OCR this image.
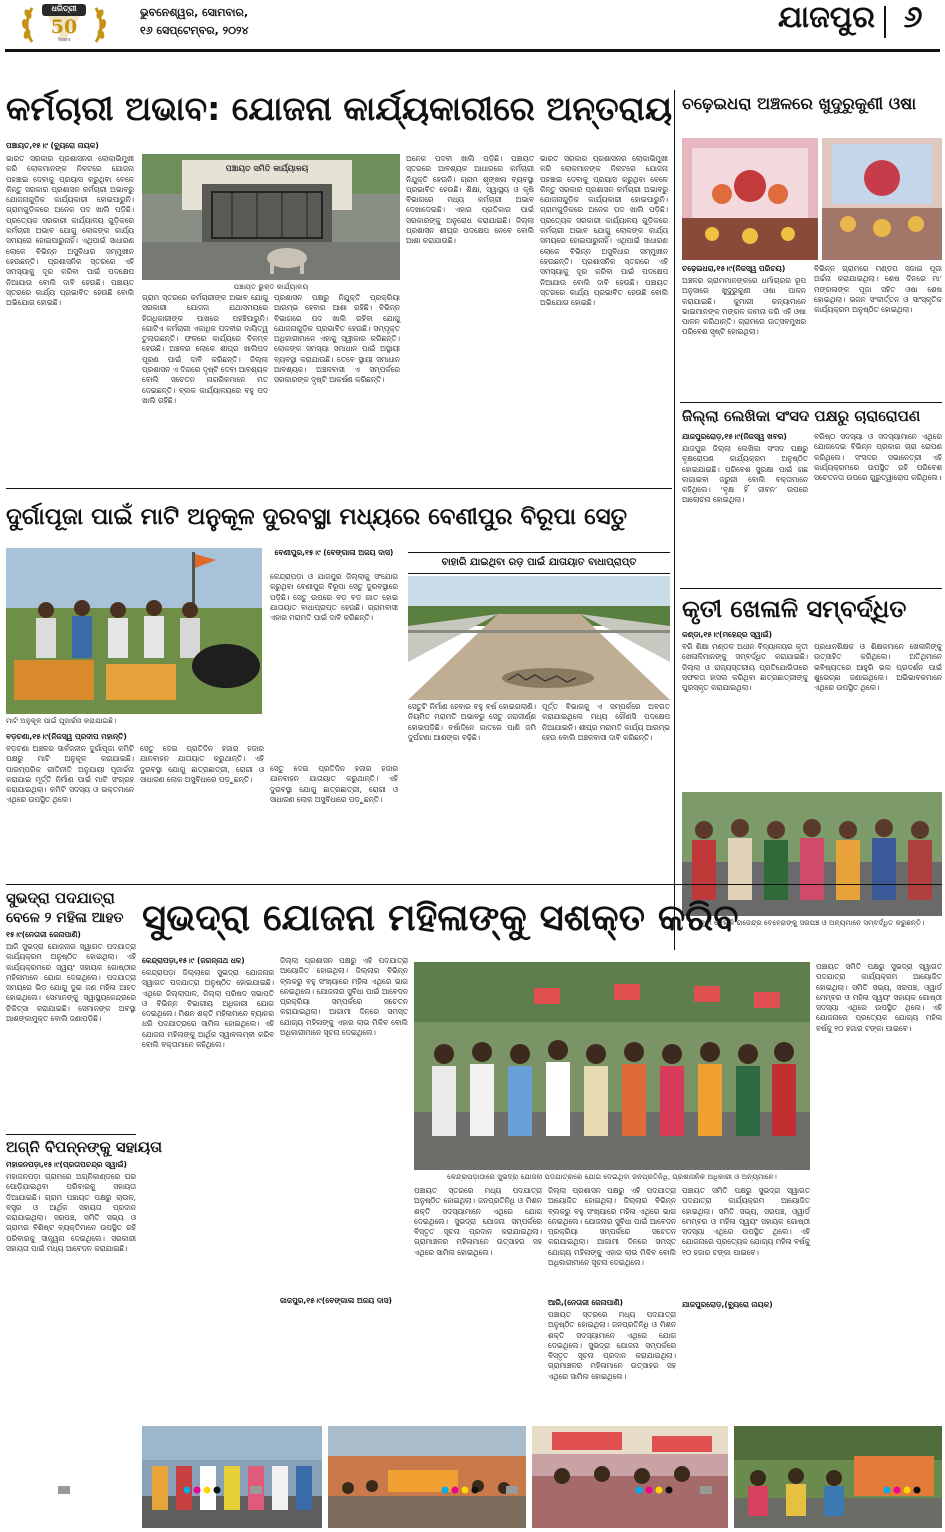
ଧରିତ୍ରୀ
50
Years
ଭୁବନେଶ୍ୱର, ସୋମବାର,
୧୬ ସେପ୍ଟେମ୍ବର, ୨୦୨୪	ଯାଜପୁର ୬
କର୍ମଚାରୀ ଅଭାବ: ଯୋଜନା କାର୍ଯ୍ୟକାରୀରେ ଅନ୍ତରାୟ
ପଞ୍ଚାୟତ,୧୫।୯ (ବ୍ୟୁରୋ ନାୟକ)
ଭାରତ ସରକାର ପ୍ରଶାସନର ଲୋକାଭିମୁଖୀ କରି ଲୋକମାନଙ୍କ ନିକଟରେ ଯୋଜନା ପହଞ୍ଚାଇ ଦେବାକୁ ପ୍ରୟାସ କରୁଥିବା ବେଳେ କିନ୍ତୁ ସରକାର ପ୍ରଶାସନ କର୍ମଚାରୀ ଅଭାବରୁ ଯୋଜନାଗୁଡ଼ିକ କାର୍ଯ୍ୟକାରୀ ହୋଇପାରୁନି। ଗ୍ରାମଗୁଡ଼ିକରେ ଅନେକ ପଦ ଖାଲି ପଡ଼ିଛି। ପ୍ରତ୍ୟେକ ସରକାରୀ କାର୍ଯ୍ୟାଳୟ ଗୁଡ଼ିକରେ କର୍ମଚାରୀ ଅଭାବ ଯୋଗୁ ଲୋକଙ୍କ କାର୍ଯ୍ୟ ସମୟରେ ହୋଇପାରୁନାହିଁ। ଏଥିପାଇଁ ସାଧାରଣ ଲୋକେ ବିଭିନ୍ନ ଅସୁବିଧାର ସମ୍ମୁଖୀନ ହେଉଛନ୍ତି। ପ୍ରଶାସନିକ ସ୍ତରରେ ଏହି ସମସ୍ୟାକୁ ଦୂର କରିବା ପାଇଁ ପଦକ୍ଷେପ ନିଆଯାଉ ବୋଲି ଦାବି ହେଉଛି। ପଞ୍ଚାୟତ ସ୍ତରରେ କାର୍ଯ୍ୟ ପ୍ରଭାବିତ ହେଉଛି ବୋଲି ଅଭିଯୋଗ ହୋଇଛି।
ପଞ୍ଚାୟତ ସମିତି କାର୍ଯ୍ୟାଳୟ
ପଞ୍ଚାୟତ ଭୁକ୍ତ କାର୍ଯ୍ୟାଳୟ
ଗ୍ରାମ ସ୍ତରରେ କର୍ମଚାରୀଙ୍କ ଅଭାବ ଯୋଗୁ ସରକାରୀ ଯୋଜନା ଯଥାସମୟରେ ହିତାଧିକାରୀଙ୍କ ପାଖରେ ପହଞ୍ଚିପାରୁନି। ଗୋଟିଏ କର୍ମଚାରୀ ଏକାଧିକ ପଦବୀର ଦାୟିତ୍ୱ ତୁଲାଉଛନ୍ତି। ଫଳରେ କାର୍ଯ୍ୟରେ ବିଳମ୍ବ ହେଉଛି। ଅଞ୍ଚଳର ଲୋକେ ଶୀଘ୍ର ଖାଲିପଦ ପୂରଣ ପାଇଁ ଦାବି କରିଛନ୍ତି। ଜିଲ୍ଲା ପ୍ରଶାସନ ଏ ଦିଗରେ ଦୃଷ୍ଟି ଦେବା ଆବଶ୍ୟକ ବୋଲି ସଚେତନ ନାଗରିକମାନେ ମତ ଦେଇଛନ୍ତି। ବ୍ଲକ କାର୍ଯ୍ୟାଳୟରେ ବହୁ ପଦ ଖାଲି ରହିଛି।
ପ୍ରଶାସନ ପକ୍ଷରୁ ନିଯୁକ୍ତି ପ୍ରକ୍ରିୟା ଆରମ୍ଭ ହେବାର ଆଶା ରହିଛି। ବିଭିନ୍ନ ବିଭାଗରେ ପଦ ଖାଲି ରହିବା ଯୋଗୁ ଯୋଜନାଗୁଡ଼ିକ ପ୍ରଭାବିତ ହେଉଛି। ସମ୍ପୃକ୍ତ ଅଧିକାରୀମାନେ ଏହାକୁ ସ୍ୱୀକାର କରିଛନ୍ତି। ଲୋକଙ୍କ ସମସ୍ୟା ସମାଧାନ ପାଇଁ ଅସ୍ଥାୟୀ ବ୍ୟବସ୍ଥା କରାଯାଉଛି। ତେବେ ସ୍ଥାୟୀ ସମାଧାନ ଆବଶ୍ୟକ। ଅଞ୍ଚଳବାସୀ ଏ ସମ୍ପର୍କରେ ସରକାରଙ୍କ ଦୃଷ୍ଟି ଆକର୍ଷଣ କରିଛନ୍ତି।
ଅନେକ ପଦବୀ ଖାଲି ପଡ଼ିଛି। ପଞ୍ଚାୟତ ସ୍ତରରେ ଆବଶ୍ୟକ ଆଧାରରେ କର୍ମଚାରୀ ନିଯୁକ୍ତି ହେଉନି। ଗ୍ରାମ ଶୃଙ୍ଖଳା ବ୍ୟବସ୍ଥା ପ୍ରଭାବିତ ହେଉଛି। ଶିକ୍ଷା, ସ୍ୱାସ୍ଥ୍ୟ ଓ କୃଷି ବିଭାଗରେ ମଧ୍ୟ କର୍ମଚାରୀ ଅଭାବ ଦେଖାଦେଇଛି। ଏହାର ପ୍ରତିକାର ପାଇଁ ସରକାରଙ୍କୁ ଅନୁରୋଧ କରାଯାଇଛି। ଜିଲ୍ଲା ପ୍ରଶାସନ ଶୀଘ୍ର ପଦକ୍ଷେପ ନେବେ ବୋଲି ଆଶା କରାଯାଉଛି।
ଭାରତ ସରକାର ପ୍ରଶାସନର ଲୋକାଭିମୁଖୀ କରି ଲୋକମାନଙ୍କ ନିକଟରେ ଯୋଜନା ପହଞ୍ଚାଇ ଦେବାକୁ ପ୍ରୟାସ କରୁଥିବା ବେଳେ କିନ୍ତୁ ସରକାର ପ୍ରଶାସନ କର୍ମଚାରୀ ଅଭାବରୁ ଯୋଜନାଗୁଡ଼ିକ କାର୍ଯ୍ୟକାରୀ ହୋଇପାରୁନି। ଗ୍ରାମଗୁଡ଼ିକରେ ଅନେକ ପଦ ଖାଲି ପଡ଼ିଛି। ପ୍ରତ୍ୟେକ ସରକାରୀ କାର୍ଯ୍ୟାଳୟ ଗୁଡ଼ିକରେ କର୍ମଚାରୀ ଅଭାବ ଯୋଗୁ ଲୋକଙ୍କ କାର୍ଯ୍ୟ ସମୟରେ ହୋଇପାରୁନାହିଁ। ଏଥିପାଇଁ ସାଧାରଣ ଲୋକେ ବିଭିନ୍ନ ଅସୁବିଧାର ସମ୍ମୁଖୀନ ହେଉଛନ୍ତି। ପ୍ରଶାସନିକ ସ୍ତରରେ ଏହି ସମସ୍ୟାକୁ ଦୂର କରିବା ପାଇଁ ପଦକ୍ଷେପ ନିଆଯାଉ ବୋଲି ଦାବି ହେଉଛି। ପଞ୍ଚାୟତ ସ୍ତରରେ କାର୍ଯ୍ୟ ପ୍ରଭାବିତ ହେଉଛି ବୋଲି ଅଭିଯୋଗ ହୋଇଛି।
ଚଢ଼େଇଧରା ଅଞ୍ଚଳରେ ଖୁଦୁରୁକୁଣୀ ଓଷା
ଚଢ଼େଇଧରା,୧୫।୯(ନିଜସ୍ୱ ପରିଚୟ)
ଅଞ୍ଚଳର ଗ୍ରାମମାନଙ୍କରେ ଧର୍ମାଚାରର ରୂପ ଅନୁସାରେ ଖୁଦୁରୁକୁଣୀ ଓଷା ପାଳନ କରାଯାଇଛି। କୁମାରୀ କନ୍ୟାମାନେ ଭାଇମାନଙ୍କ ମଙ୍ଗଳ କାମନା କରି ଏହି ଓଷା ପାଳନ କରିଥାନ୍ତି। ଗ୍ରାମରେ ଉତ୍ସବମୁଖର ପରିବେଶ ସୃଷ୍ଟି ହୋଇଥିଲା।
ବିଭିନ୍ନ ଗ୍ରାମରେ ମଣ୍ଡପ ସଜାଇ ପୂଜା ଅର୍ଚ୍ଚନା କରାଯାଇଥିଲା। ଶେଷ ଦିନରେ ମା’ ମଙ୍ଗଳାଙ୍କ ପୂଜା ସହିତ ଓଷା ଶେଷ ହୋଇଥିଲା। ଭଜନ ସଂକୀର୍ତ୍ତନ ଓ ସାଂସ୍କୃତିକ କାର୍ଯ୍ୟକ୍ରମ ଅନୁଷ୍ଠିତ ହୋଇଥିଲା।
ଜିଲ୍ଲା ଲେଖିକା ସଂସଦ ପକ୍ଷରୁ ଚାରାରୋପଣ
ଯାଜପୁରରୋଡ଼,୧୫।୯(ନିଜସ୍ୱ ଖବର)
ଯାଜପୁର ଜିଲ୍ଲା ଲେଖିକା ସଂସଦ ପକ୍ଷରୁ ବୃକ୍ଷରୋପଣ କାର୍ଯ୍ୟକ୍ରମ ଅନୁଷ୍ଠିତ ହୋଇଯାଇଛି। ପରିବେଶ ସୁରକ୍ଷା ପାଇଁ ଗଛ ଲଗାଇବା ଜରୁରୀ ବୋଲି ବକ୍ତାମାନେ କହିଥିଲେ। ‘ବୃକ୍ଷ ହିଁ ଜୀବନ’ ଉପରେ ଆଲୋଚନା ହୋଇଥିଲା।
ବରିଷ୍ଠ ସଦସ୍ୟା ଓ ସଦସ୍ୟାମାନେ ଏଥିରେ ଯୋଗଦେଇ ବିଭିନ୍ନ ପ୍ରକାର ଚାରା ରୋପଣ କରିଥିଲେ। ସଂସଦର ସଭାନେତ୍ରୀ ଏହି କାର୍ଯ୍ୟକ୍ରମରେ ଉପସ୍ଥିତ ରହି ପରିବେଶ ସଚେତନତା ଉପରେ ଗୁରୁତ୍ୱାରୋପ କରିଥିଲେ।
କୃତୀ ଖେଳାଳି ସମ୍ବର୍ଦ୍ଧିତ
କଣ୍ଡା,୧୫।୯(ମହେନ୍ଦ୍ର ସ୍ୱାଇଁ)
ବରି ଶିକ୍ଷା ମଣ୍ଡଳ ଅଧୀନ ବିଦ୍ୟାଳୟର କୃତୀ ଖେଳାଳିମାନଙ୍କୁ ସମ୍ବର୍ଦ୍ଧିତ କରାଯାଇଛି। ଜିଲ୍ଲା ଓ ରାଜ୍ୟସ୍ତରୀୟ ପ୍ରତିଯୋଗିତାରେ ସଫଳତା ହାସଲ କରିଥିବା ଛାତ୍ରଛାତ୍ରୀଙ୍କୁ ପୁରସ୍କୃତ କରାଯାଇଥିଲା।
ପ୍ରଧାନଶିକ୍ଷକ ଓ ଶିକ୍ଷକମାନେ ଖେଳାଳିଙ୍କୁ ଉତ୍ସାହିତ କରିଥିଲେ। ଅତିଥିମାନେ ଭବିଷ୍ୟତରେ ଆହୁରି ଭଲ ପ୍ରଦର୍ଶନ ପାଇଁ ଶୁଭେଚ୍ଛା ଜଣାଇଥିଲେ। ଅଭିଭାବକମାନେ ଏଥିରେ ଉପସ୍ଥିତ ଥିଲେ।
କୃତୀ ଖେଳାଳି ରାଜେନ୍ଦ୍ର ବେହେରାଙ୍କୁ ସରପଞ୍ଚ ଓ ଅନ୍ୟମାନେ ସମ୍ବର୍ଦ୍ଧିତ କରୁଛନ୍ତି।
ଦୁର୍ଗାପୂଜା ପାଇଁ ମାଟି ଅନୁକୂଳ ଦୁରବସ୍ଥା ମଧ୍ୟରେ ବେଣୀପୁର ବିରୂପା ସେତୁ
ମାଟି ଅନୁକୂଳ ପାଇଁ ପୂଜାର୍ଚ୍ଚନା କରାଯାଇଛି।
ବଡ଼ଚଣା,୧୫।୯(ନିଜସ୍ୱ ପ୍ରଦୀପ ମହାନ୍ତି)
ବଡ଼ଚଣା ଅଞ୍ଚଳର ସାର୍ବଜନୀନ ଦୁର୍ଗାପୂଜା କମିଟି ପକ୍ଷରୁ ମାଟି ଅନୁକୂଳ କରାଯାଇଛି। ପାରମ୍ପରିକ ରୀତିନୀତି ଅନୁଯାୟୀ ପୂଜାର୍ଚ୍ଚନା କରାଯାଇ ମୂର୍ତ୍ତି ନିର୍ମାଣ ପାଇଁ ମାଟି ସଂଗ୍ରହ କରାଯାଇଥିଲା। କମିଟି ସଦସ୍ୟ ଓ ଭକ୍ତମାନେ ଏଥିରେ ଉପସ୍ଥିତ ଥିଲେ।
ସେତୁ ଦେଇ ପ୍ରତିଦିନ ହଜାର ହଜାର ଯାନବାହନ ଯାତାୟାତ କରୁଥାନ୍ତି। ଏହି ଦୁରବସ୍ଥା ଯୋଗୁ ଛାତ୍ରଛାତ୍ରୀ, ରୋଗୀ ଓ ସାଧାରଣ ଲୋକ ଅସୁବିଧାରେ ପଡ଼ୁଛନ୍ତି।
ବେଣୀପୁର,୧୫।୯ (ବେଙ୍ଗାଳା ଅଜୟ ଦାସ)
କେନ୍ଦ୍ରାପଡ଼ା ଓ ଯାଜପୁର ଜିଲ୍ଲାକୁ ସଂଯୋଗ କରୁଥିବା ବେଣୀପୁର ବିରୂପା ସେତୁ ଦୁରବସ୍ଥାରେ ପଡ଼ିଛି। ସେତୁ ଉପରେ ବଡ଼ ବଡ଼ ଗାତ ହୋଇ ଯାତାୟାତ ବାଧାପ୍ରାପ୍ତ ହେଉଛି। ଗ୍ରାମବାସୀ ଏହାର ମରାମତି ପାଇଁ ଦାବି କରିଛନ୍ତି।
ବାହାରି ଯାଇଥିବା ରଡ଼ ପାଇଁ ଯାତାୟାତ ବାଧାପ୍ରାପ୍ତ
ସେତୁଟି ନିର୍ମାଣ ହେବାର ବହୁ ବର୍ଷ ହୋଇଗଲାଣି। ନିୟମିତ ମରାମତି ଅଭାବରୁ ସେତୁ ଜରାଜୀର୍ଣ୍ଣ ହୋଇପଡ଼ିଛି। ବର୍ଷାଦିନେ ଗାତରେ ପାଣି ଜମି ଦୁର୍ଘଟଣା ଆଶଙ୍କା ବଢ଼ିଛି।
ପୂର୍ତ୍ତ ବିଭାଗକୁ ଏ ସମ୍ପର୍କରେ ଅବଗତ କରାଯାଇଥିଲେ ମଧ୍ୟ କୌଣସି ପଦକ୍ଷେପ ନିଆଯାଇନି। ଶୀଘ୍ର ମରାମତି କାର୍ଯ୍ୟ ଆରମ୍ଭ ହେଉ ବୋଲି ଅଞ୍ଚଳବାସୀ ଦାବି କରିଛନ୍ତି।
ସେତୁ ଦେଇ ପ୍ରତିଦିନ ହଜାର ହଜାର ଯାନବାହନ ଯାତାୟାତ କରୁଥାନ୍ତି। ଏହି ଦୁରବସ୍ଥା ଯୋଗୁ ଛାତ୍ରଛାତ୍ରୀ, ରୋଗୀ ଓ ସାଧାରଣ ଲୋକ ଅସୁବିଧାରେ ପଡ଼ୁଛନ୍ତି।
ସୁଭଦ୍ରା ପଦଯାତ୍ରା
ବେଳେ ୨ ମହିଳା ଆହତ
୧୫।୯(ନେତାଜୀ ଜେନାପାଣି)
ଆଜି ସୁଭଦ୍ରା ଯୋଜନାର ସ୍ୱାଗତ ପଦଯାତ୍ରା କାର୍ଯ୍ୟକ୍ରମ ଅନୁଷ୍ଠିତ ହୋଇଥିଲା। ଏହି କାର୍ଯ୍ୟକ୍ରମରେ ସ୍ୱୟଂ ସହାୟକ ଗୋଷ୍ଠୀର ମହିଳାମାନେ ଯୋଗ ଦେଇଥିଲେ। ପଦଯାତ୍ରା ସମୟରେ ଭିଡ଼ ଯୋଗୁ ଦୁଇ ଜଣ ମହିଳା ଆହତ ହୋଇଥିଲେ। ସେମାନଙ୍କୁ ସ୍ୱାସ୍ଥ୍ୟକେନ୍ଦ୍ରରେ ଚିକିତ୍ସା କରାଯାଇଛି। ସେମାନଙ୍କ ଅବସ୍ଥା ଆଶଙ୍କାମୁକ୍ତ ବୋଲି ଜଣାପଡ଼ିଛି।
ଅଗ୍ନି ବିପନ୍ନଙ୍କୁ ସହାୟତା
ମହାଜନପଡ଼ା,୧୫।୯(ପ୍ରତାପଚନ୍ଦ୍ର ସ୍ୱାଇଁ)
ମହାଜନପଡ଼ା ଗ୍ରାମରେ ଅଗ୍ନିକାଣ୍ଡରେ ଘର ପୋଡ଼ିଯାଇଥିବା ପରିବାରକୁ ସହାୟତା ଦିଆଯାଇଛି। ଗ୍ରାମ ପଞ୍ଚାୟତ ପକ୍ଷରୁ ଚାଉଳ, ବସ୍ତ୍ର ଓ ଆର୍ଥିକ ସହାୟତା ପ୍ରଦାନ କରାଯାଇଥିଲା। ସରପଞ୍ଚ, ସମିତି ସଭ୍ୟ ଓ ଗ୍ରାମର ବିଶିଷ୍ଟ ବ୍ୟକ୍ତିମାନେ ଉପସ୍ଥିତ ରହି ପରିବାରକୁ ସାନ୍ତ୍ୱନା ଦେଇଥିଲେ। ସରକାରୀ ସହାୟତା ପାଇଁ ମଧ୍ୟ ଆବେଦନ କରାଯାଇଛି।
ସୁଭଦ୍ରା ଯୋଜନା ମହିଳାଙ୍କୁ ସଶକ୍ତ କରିବ
କେନ୍ଦ୍ରାପଡ଼ା,୧୫।୯ (ଜଗନ୍ନାଥ ଧଳ)
କେନ୍ଦ୍ରାପଡ଼ା ଜିଲ୍ଲାରେ ସୁଭଦ୍ରା ଯୋଜନାର ସ୍ୱାଗତ ପଦଯାତ୍ରା ଅନୁଷ୍ଠିତ ହୋଇଯାଇଛି। ଏଥିରେ ଜିଲ୍ଲାପାଳ, ଜିଲ୍ଲା ପରିଷଦ ସଭାପତି ଓ ବିଭିନ୍ନ ବିଭାଗୀୟ ଅଧିକାରୀ ଯୋଗ ଦେଇଥିଲେ। ମିଶନ ଶକ୍ତି ମହିଳାମାନେ ବ୍ୟାନର ଧରି ପଦଯାତ୍ରାରେ ସାମିଲ ହୋଇଥିଲେ। ଏହି ଯୋଜନା ମହିଳାଙ୍କୁ ଆର୍ଥିକ ସ୍ୱାବଲମ୍ବୀ କରିବ ବୋଲି ବକ୍ତାମାନେ କହିଥିଲେ।
ଜିଲ୍ଲା ପ୍ରଶାସନ ପକ୍ଷରୁ ଏହି ପଦଯାତ୍ରା ଆୟୋଜିତ ହୋଇଥିଲା। ଜିଲ୍ଲାର ବିଭିନ୍ନ ବ୍ଲକରୁ ବହୁ ସଂଖ୍ୟାରେ ମହିଳା ଏଥିରେ ଭାଗ ନେଇଥିଲେ। ଯୋଜନାର ସୁବିଧା ପାଇଁ ଆବେଦନ ପ୍ରକ୍ରିୟା ସମ୍ପର୍କରେ ସଚେତନ କରାଯାଇଥିଲା। ଆଗାମୀ ଦିନରେ ସମସ୍ତ ଯୋଗ୍ୟ ମହିଳାଙ୍କୁ ଏହାର ଲାଭ ମିଳିବ ବୋଲି ଅଧିକାରୀମାନେ ସୂଚନା ଦେଇଥିଲେ।
କେନ୍ଦ୍ରାପଡ଼ାଠାରେ ସୁଭଦ୍ରା ଯୋଜନା ପଦଯାତ୍ରାରେ ଯୋଗ ଦେଇଥିବା ଜନପ୍ରତିନିଧି, ପ୍ରଶାସନିକ ଅଧିକାରୀ ଓ ଅନ୍ୟମାନେ।
ପଞ୍ଚାୟତ ସ୍ତରରେ ମଧ୍ୟ ପଦଯାତ୍ରା ଅନୁଷ୍ଠିତ ହୋଇଥିଲା। ଜନପ୍ରତିନିଧି ଓ ମିଶନ ଶକ୍ତି ସଦସ୍ୟାମାନେ ଏଥିରେ ଯୋଗ ଦେଇଥିଲେ। ସୁଭଦ୍ରା ଯୋଜନା ସମ୍ପର୍କରେ ବିସ୍ତୃତ ସୂଚନା ପ୍ରଦାନ କରାଯାଇଥିଲା। ଗ୍ରାମାଞ୍ଚଳର ମହିଳାମାନେ ଉତ୍ସାହର ସହ ଏଥିରେ ସାମିଲ ହୋଇଥିଲେ।
ଆରି,(ନେତାଜୀ ଜେନାପାଣି)
ଜିଲ୍ଲା ପ୍ରଶାସନ ପକ୍ଷରୁ ଏହି ପଦଯାତ୍ରା ଆୟୋଜିତ ହୋଇଥିଲା। ଜିଲ୍ଲାର ବିଭିନ୍ନ ବ୍ଲକରୁ ବହୁ ସଂଖ୍ୟାରେ ମହିଳା ଏଥିରେ ଭାଗ ନେଇଥିଲେ। ଯୋଜନାର ସୁବିଧା ପାଇଁ ଆବେଦନ ପ୍ରକ୍ରିୟା ସମ୍ପର୍କରେ ସଚେତନ କରାଯାଇଥିଲା। ଆଗାମୀ ଦିନରେ ସମସ୍ତ ଯୋଗ୍ୟ ମହିଳାଙ୍କୁ ଏହାର ଲାଭ ମିଳିବ ବୋଲି ଅଧିକାରୀମାନେ ସୂଚନା ଦେଇଥିଲେ।
ପଞ୍ଚାୟତ ସ୍ତରରେ ମଧ୍ୟ ପଦଯାତ୍ରା ଅନୁଷ୍ଠିତ ହୋଇଥିଲା। ଜନପ୍ରତିନିଧି ଓ ମିଶନ ଶକ୍ତି ସଦସ୍ୟାମାନେ ଏଥିରେ ଯୋଗ ଦେଇଥିଲେ। ସୁଭଦ୍ରା ଯୋଜନା ସମ୍ପର୍କରେ ବିସ୍ତୃତ ସୂଚନା ପ୍ରଦାନ କରାଯାଇଥିଲା। ଗ୍ରାମାଞ୍ଚଳର ମହିଳାମାନେ ଉତ୍ସାହର ସହ ଏଥିରେ ସାମିଲ ହୋଇଥିଲେ।
ପଞ୍ଚାୟତ ସମିତି ପକ୍ଷରୁ ସୁଭଦ୍ରା ସ୍ୱାଗତ ପଦଯାତ୍ରା କାର୍ଯ୍ୟକ୍ରମ ଆୟୋଜିତ ହୋଇଥିଲା। ସମିତି ସଭ୍ୟ, ସରପଞ୍ଚ, ଓ୍ୱାର୍ଡ ମେମ୍ବର ଓ ମହିଳା ସ୍ୱୟଂ ସହାୟକ ଗୋଷ୍ଠୀ ସଦସ୍ୟା ଏଥିରେ ଉପସ୍ଥିତ ଥିଲେ। ଏହି ଯୋଜନାରେ ପ୍ରତ୍ୟେକ ଯୋଗ୍ୟ ମହିଳା ବର୍ଷକୁ ୧୦ ହଜାର ଟଙ୍କା ପାଇବେ।
ଯାଜପୁରରୋଡ଼,(ବ୍ୟୁରୋ ନାୟକ)
ପଞ୍ଚାୟତ ସମିତି ପକ୍ଷରୁ ସୁଭଦ୍ରା ସ୍ୱାଗତ ପଦଯାତ୍ରା କାର୍ଯ୍ୟକ୍ରମ ଆୟୋଜିତ ହୋଇଥିଲା। ସମିତି ସଭ୍ୟ, ସରପଞ୍ଚ, ଓ୍ୱାର୍ଡ ମେମ୍ବର ଓ ମହିଳା ସ୍ୱୟଂ ସହାୟକ ଗୋଷ୍ଠୀ ସଦସ୍ୟା ଏଥିରେ ଉପସ୍ଥିତ ଥିଲେ। ଏହି ଯୋଜନାରେ ପ୍ରତ୍ୟେକ ଯୋଗ୍ୟ ମହିଳା ବର୍ଷକୁ ୧୦ ହଜାର ଟଙ୍କା ପାଇବେ।
ଜାଜପୁର,୧୫।୯(ବେଙ୍ଗାଳା ଅଜୟ ଦାସ)
